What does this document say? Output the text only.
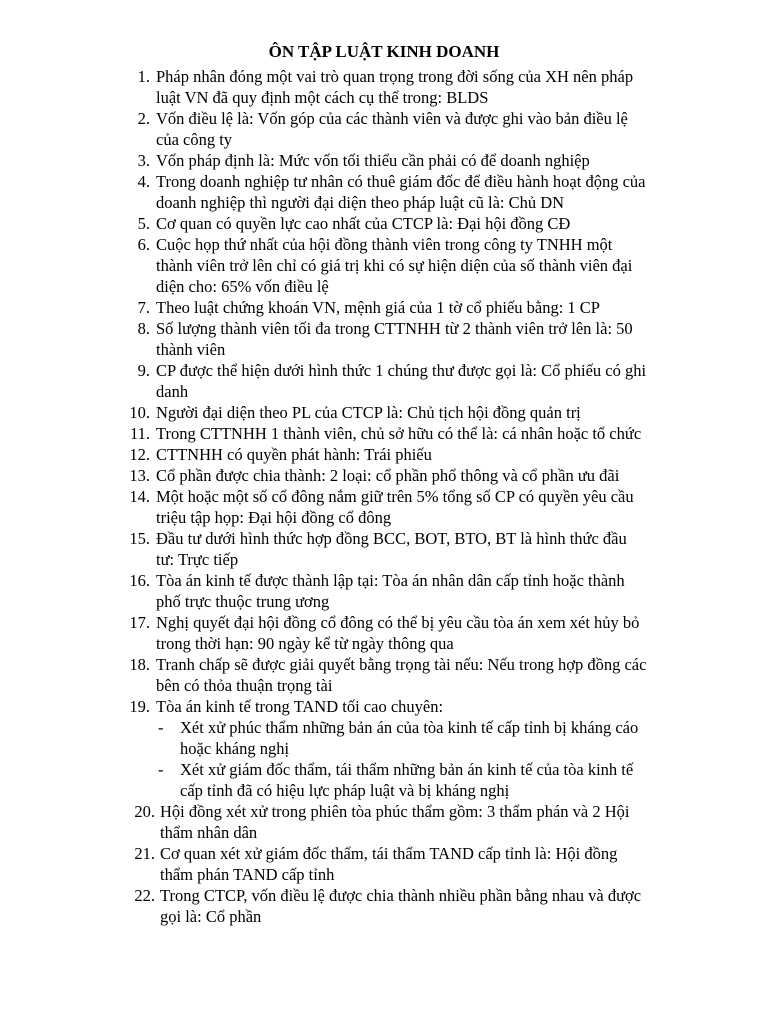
ÔN TẬP LUẬT KINH DOANH
1. Pháp nhân đóng một vai trò quan trọng trong đời sống của XH nên pháp
luật VN đã quy định một cách cụ thể trong: BLDS
2. Vốn điều lệ là: Vốn góp của các thành viên và được ghi vào bản điều lệ
của công ty
3. Vốn pháp định là: Mức vốn tối thiểu cần phải có để doanh nghiệp
4. Trong doanh nghiệp tư nhân có thuê giám đốc để điều hành hoạt động của
doanh nghiệp thì người đại diện theo pháp luật cũ là: Chủ DN
5. Cơ quan có quyền lực cao nhất của CTCP là: Đại hội đồng CĐ
6. Cuộc họp thứ nhất của hội đồng thành viên trong công ty TNHH một
thành viên trở lên chỉ có giá trị khi có sự hiện diện của số thành viên đại
diện cho: 65% vốn điều lệ
7. Theo luật chứng khoán VN, mệnh giá của 1 tờ cổ phiếu bằng: 1 CP
8. Số lượng thành viên tối đa trong CTTNHH từ 2 thành viên trở lên là: 50
thành viên
9. CP được thể hiện dưới hình thức 1 chúng thư được gọi là: Cổ phiếu có ghi
danh
10. Người đại diện theo PL của CTCP là: Chủ tịch hội đồng quản trị
11. Trong CTTNHH 1 thành viên, chủ sở hữu có thể là: cá nhân hoặc tổ chức
12. CTTNHH có quyền phát hành: Trái phiếu
13. Cổ phần được chia thành: 2 loại: cổ phần phổ thông và cổ phần ưu đãi
14. Một hoặc một số cổ đông nắm giữ trên 5% tổng số CP có quyền yêu cầu
triệu tập họp: Đại hội đồng cổ đông
15. Đầu tư dưới hình thức hợp đồng BCC, BOT, BTO, BT là hình thức đầu
tư: Trực tiếp
16. Tòa án kinh tế được thành lập tại: Tòa án nhân dân cấp tỉnh hoặc thành
phố trực thuộc trung ương
17. Nghị quyết đại hội đồng cổ đông có thể bị yêu cầu tòa án xem xét hủy bỏ
trong thời hạn: 90 ngày kể từ ngày thông qua
18. Tranh chấp sẽ được giải quyết bằng trọng tài nếu: Nếu trong hợp đồng các
bên có thỏa thuận trọng tài
19. Tòa án kinh tế trong TAND tối cao chuyên:
- Xét xử phúc thẩm những bản án của tòa kinh tế cấp tỉnh bị kháng cáo
hoặc kháng nghị
- Xét xử giám đốc thẩm, tái thẩm những bản án kinh tế của tòa kinh tế
cấp tỉnh đã có hiệu lực pháp luật và bị kháng nghị
20. Hội đồng xét xử trong phiên tòa phúc thẩm gồm: 3 thẩm phán và 2 Hội
thẩm nhân dân
21. Cơ quan xét xử giám đốc thẩm, tái thẩm TAND cấp tỉnh là: Hội đồng
thẩm phán TAND cấp tỉnh
22. Trong CTCP, vốn điều lệ được chia thành nhiều phần bằng nhau và được
gọi là: Cổ phần
